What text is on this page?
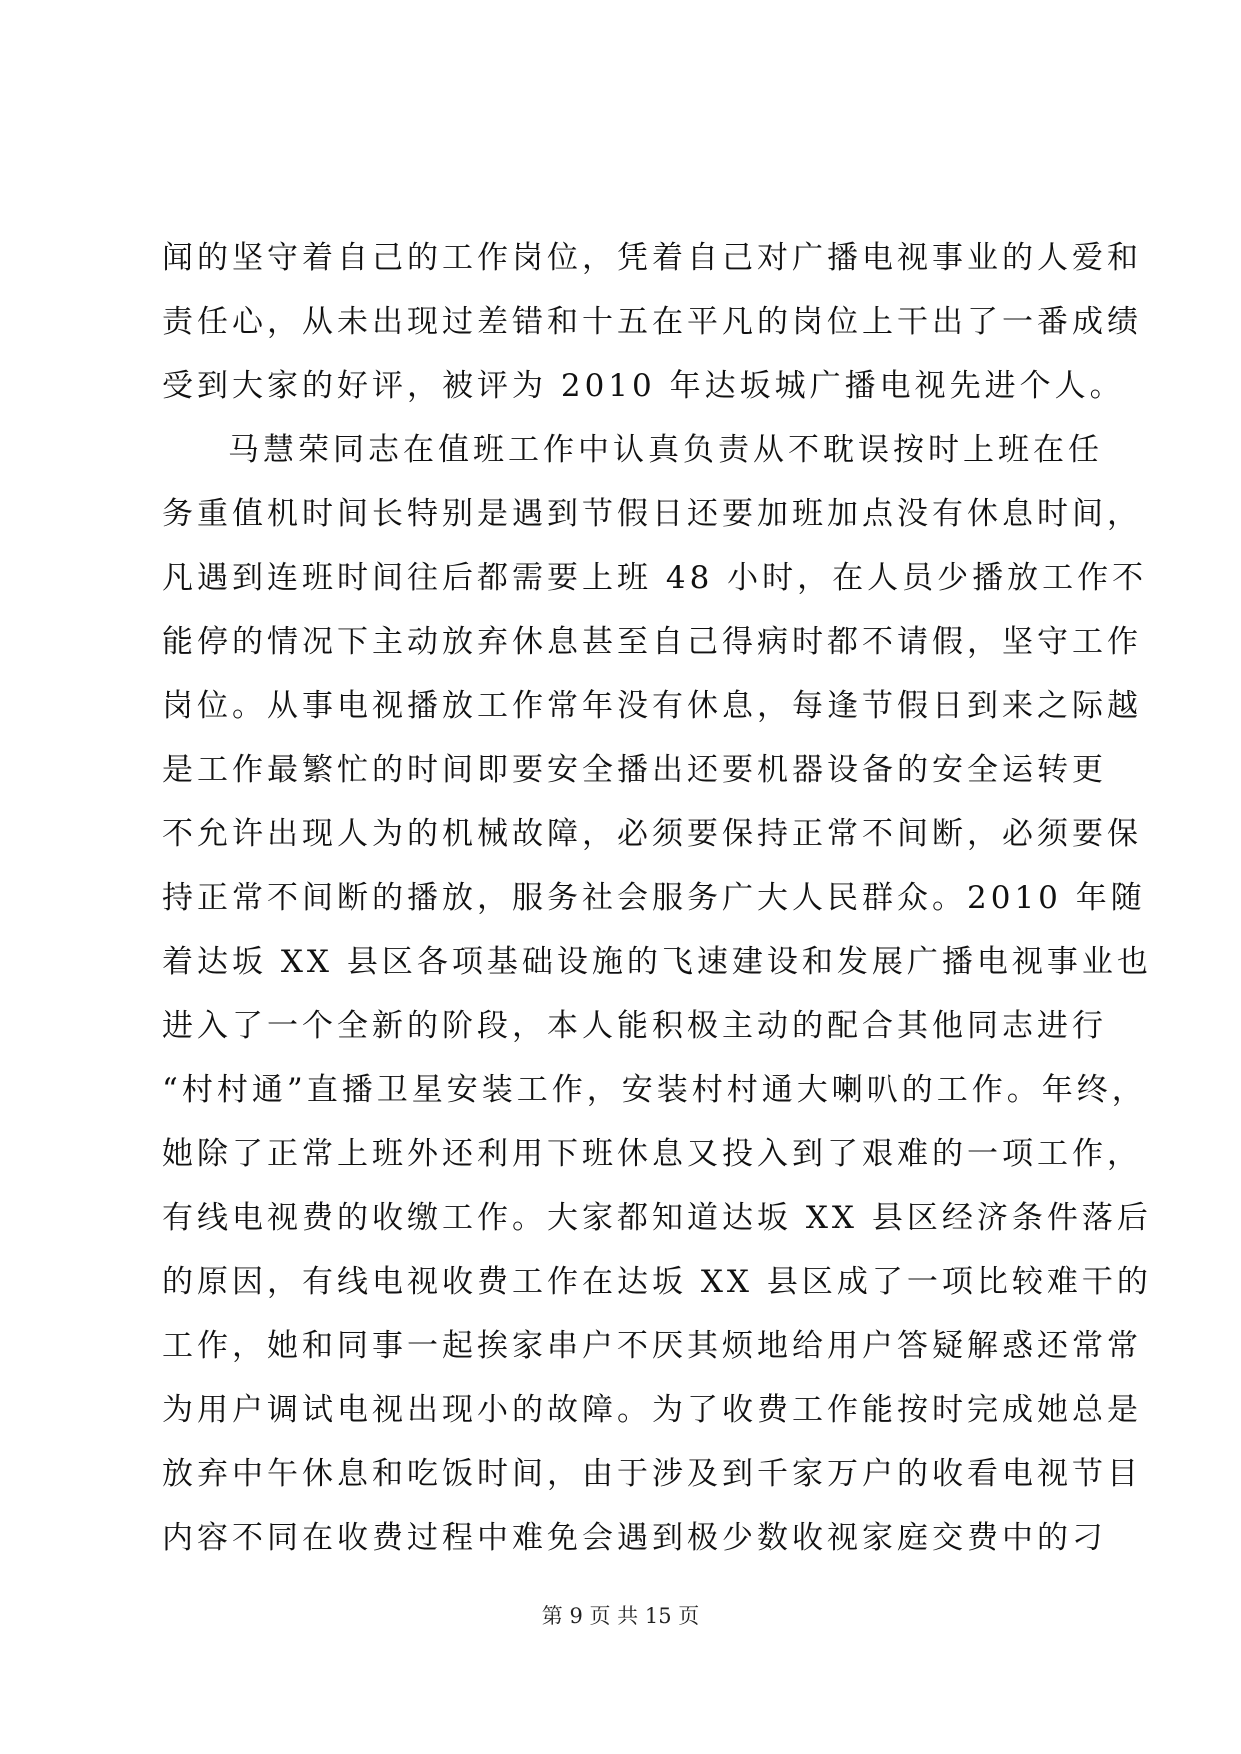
闻的坚守着自己的工作岗位，凭着自己对广播电视事业的人爱和
责任心，从未出现过差错和十五在平凡的岗位上干出了一番成绩
受到大家的好评，被评为 2010 年达坂城广播电视先进个人。
马慧荣同志在值班工作中认真负责从不耽误按时上班在任
务重值机时间长特别是遇到节假日还要加班加点没有休息时间，
凡遇到连班时间往后都需要上班 48 小时，在人员少播放工作不
能停的情况下主动放弃休息甚至自己得病时都不请假，坚守工作
岗位。从事电视播放工作常年没有休息，每逢节假日到来之际越
是工作最繁忙的时间即要安全播出还要机器设备的安全运转更
不允许出现人为的机械故障，必须要保持正常不间断，必须要保
持正常不间断的播放，服务社会服务广大人民群众。2010 年随
着达坂 XX 县区各项基础设施的飞速建设和发展广播电视事业也
进入了一个全新的阶段，本人能积极主动的配合其他同志进行
“村村通”直播卫星安装工作，安装村村通大喇叭的工作。年终，
她除了正常上班外还利用下班休息又投入到了艰难的一项工作，
有线电视费的收缴工作。大家都知道达坂 XX 县区经济条件落后
的原因，有线电视收费工作在达坂 XX 县区成了一项比较难干的
工作，她和同事一起挨家串户不厌其烦地给用户答疑解惑还常常
为用户调试电视出现小的故障。为了收费工作能按时完成她总是
放弃中午休息和吃饭时间，由于涉及到千家万户的收看电视节目
内容不同在收费过程中难免会遇到极少数收视家庭交费中的刁
第 9 页 共 15 页
